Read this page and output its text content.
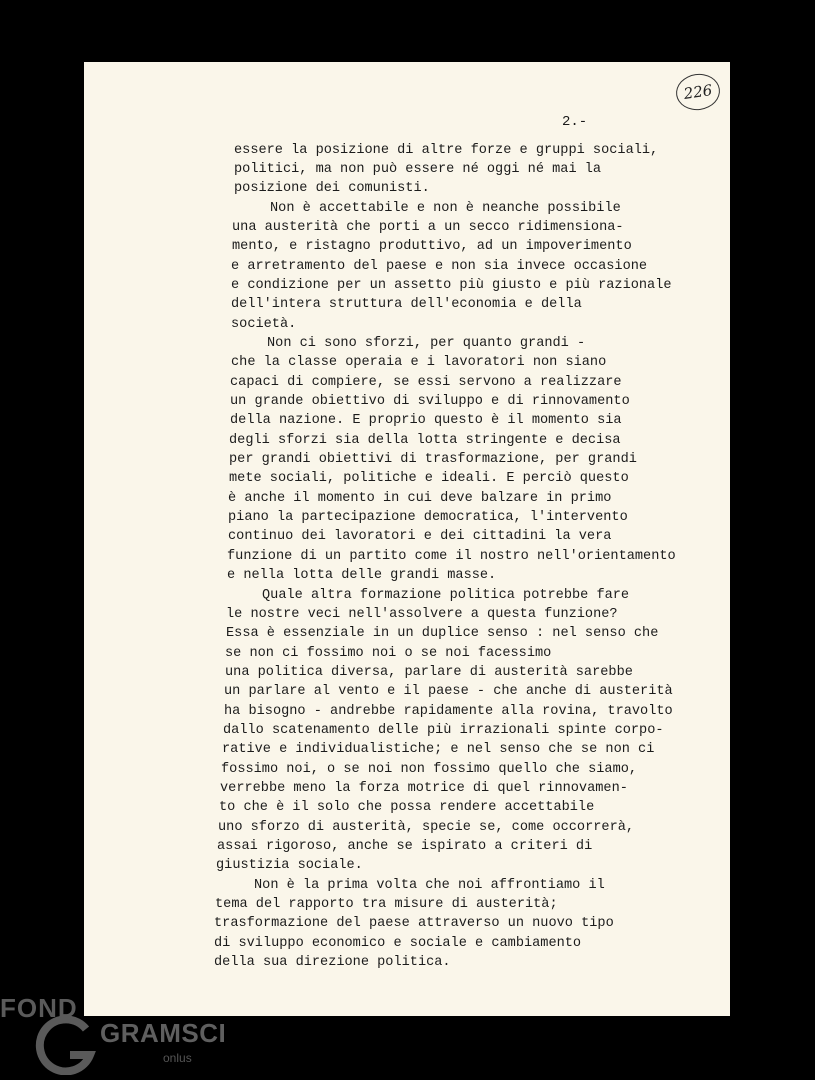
226
2.-
essere la posizione di altre forze e gruppi sociali,
politici, ma non può essere né oggi né mai la
posizione dei comunisti.
Non è accettabile e non è neanche possibile
una austerità che porti a un secco ridimensiona-
mento, e ristagno produttivo, ad un impoverimento
e arretramento del paese e non sia invece occasione
e condizione per un assetto più giusto e più razionale
dell'intera struttura dell'economia e della
società.
Non ci sono sforzi, per quanto grandi -
che la classe operaia e i lavoratori non siano
capaci di compiere, se essi servono a realizzare
un grande obiettivo di sviluppo e di rinnovamento
della nazione. E proprio questo è il momento sia
degli sforzi sia della lotta stringente e decisa
per grandi obiettivi di trasformazione, per grandi
mete sociali, politiche e ideali. E perciò questo
è anche il momento in cui deve balzare in primo
piano la partecipazione democratica, l'intervento
continuo dei lavoratori e dei cittadini la vera
funzione di un partito come il nostro nell'orientamento
e nella lotta delle grandi masse.
Quale altra formazione politica potrebbe fare
le nostre veci nell'assolvere a questa funzione?
Essa è essenziale in un duplice senso : nel senso che
se non ci fossimo noi o se noi facessimo
una politica diversa, parlare di austerità sarebbe
un parlare al vento e il paese - che anche di austerità
ha bisogno - andrebbe rapidamente alla rovina, travolto
dallo scatenamento delle più irrazionali spinte corpo-
rative e individualistiche; e nel senso che se non ci
fossimo noi, o se noi non fossimo quello che siamo,
verrebbe meno la forza motrice di quel rinnovamen-
to che è il solo che possa rendere accettabile
uno sforzo di austerità, specie se, come occorrerà,
assai rigoroso, anche se ispirato a criteri di
giustizia sociale.
Non è la prima volta che noi affrontiamo il
tema del rapporto tra misure di austerità;
trasformazione del paese attraverso un nuovo tipo
di sviluppo economico e sociale e cambiamento
della sua direzione politica.
FOND
GRAMSCI
onlus
